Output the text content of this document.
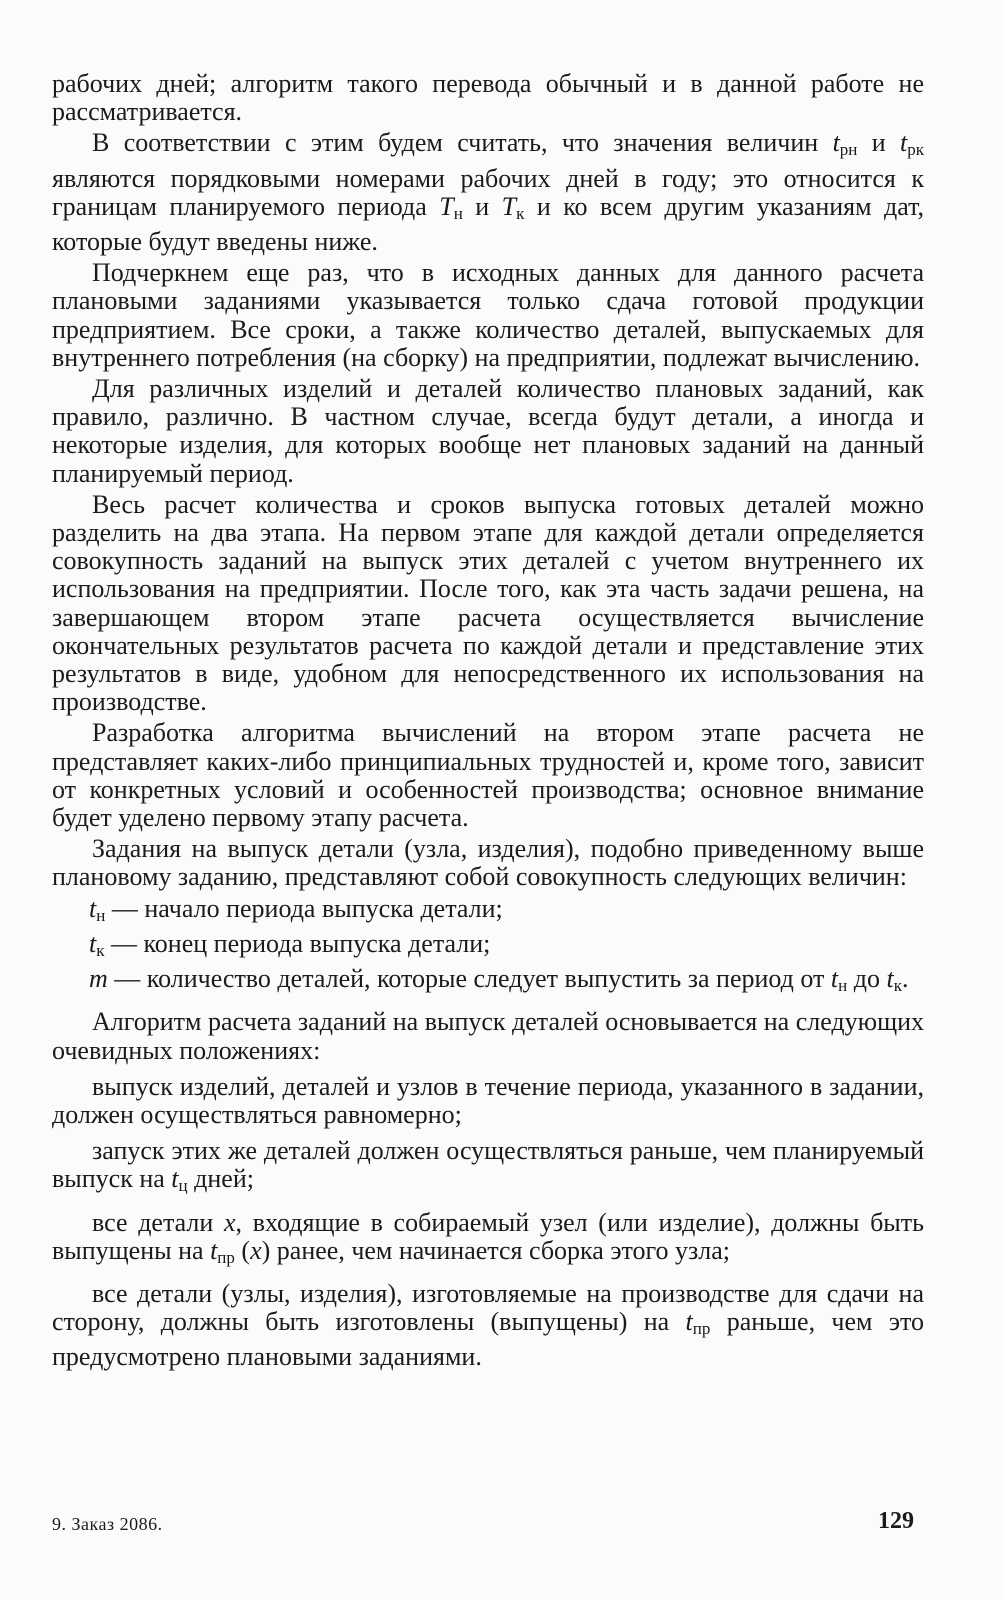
рабочих дней; алгоритм такого перевода обычный и в данной работе не рассматривается.

В соответствии с этим будем считать, что значения величин $t_{рн}$ и $t_{рк}$ являются порядковыми номерами рабочих дней в году; это относится к границам планируемого периода $T_н$ и $T_к$ и ко всем другим указаниям дат, которые будут введены ниже.

Подчеркнем еще раз, что в исходных данных для данного расчета плановыми заданиями указывается только сдача готовой продукции предприятием. Все сроки, а также количество деталей, выпускаемых для внутреннего потребления (на сборку) на предприятии, подлежат вычислению.

Для различных изделий и деталей количество плановых заданий, как правило, различно. В частном случае, всегда будут детали, а иногда и некоторые изделия, для которых вообще нет плановых заданий на данный планируемый период.

Весь расчет количества и сроков выпуска готовых деталей можно разделить на два этапа. На первом этапе для каждой детали определяется совокупность заданий на выпуск этих деталей с учетом внутреннего их использования на предприятии. После того, как эта часть задачи решена, на завершающем втором этапе расчета осуществляется вычисление окончательных результатов расчета по каждой детали и представление этих результатов в виде, удобном для непосредственного их использования на производстве.

Разработка алгоритма вычислений на втором этапе расчета не представляет каких-либо принципиальных трудностей и, кроме того, зависит от конкретных условий и особенностей производства; основное внимание будет уделено первому этапу расчета.

Задания на выпуск детали (узла, изделия), подобно приведенному выше плановому заданию, представляют собой совокупность следующих величин:

$t_н$ — начало периода выпуска детали;

$t_к$ — конец периода выпуска детали;

m — количество деталей, которые следует выпустить за период от $t_н$ до $t_к$.

Алгоритм расчета заданий на выпуск деталей основывается на следующих очевидных положениях:

выпуск изделий, деталей и узлов в течение периода, указанного в задании, должен осуществляться равномерно;

запуск этих же деталей должен осуществляться раньше, чем планируемый выпуск на $t_ц$ дней;

все детали x, входящие в собираемый узел (или изделие), должны быть выпущены на $t_{пр}$ (x) ранее, чем начинается сборка этого узла;

все детали (узлы, изделия), изготовляемые на производстве для сдачи на сторону, должны быть изготовлены (выпущены) на $t_{пр}$ раньше, чем это предусмотрено плановыми заданиями.

9. Заказ 2086.	129
